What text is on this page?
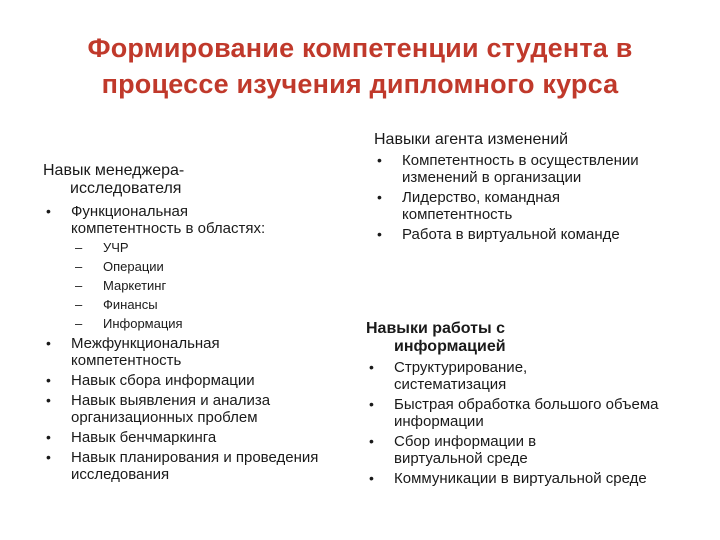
Формирование компетенции студента в
процессе изучения дипломного курса
Навык менеджера-
исследователя
• Функциональная компетентность в областях:
– УЧР
– Операции
– Маркетинг
– Финансы
– Информация
• Межфункциональная компетентность
• Навык сбора информации
• Навык выявления и анализа организационных проблем
• Навык бенчмаркинга
• Навык планирования и проведения исследования
Навыки агента изменений
• Компетентность в осуществлении изменений в организации
• Лидерство, командная компетентность
• Работа в виртуальной команде
Навыки работы с
информацией
• Структурирование, систематизация
• Быстрая обработка большого объема информации
• Сбор информации в виртуальной среде
• Коммуникации в виртуальной среде
